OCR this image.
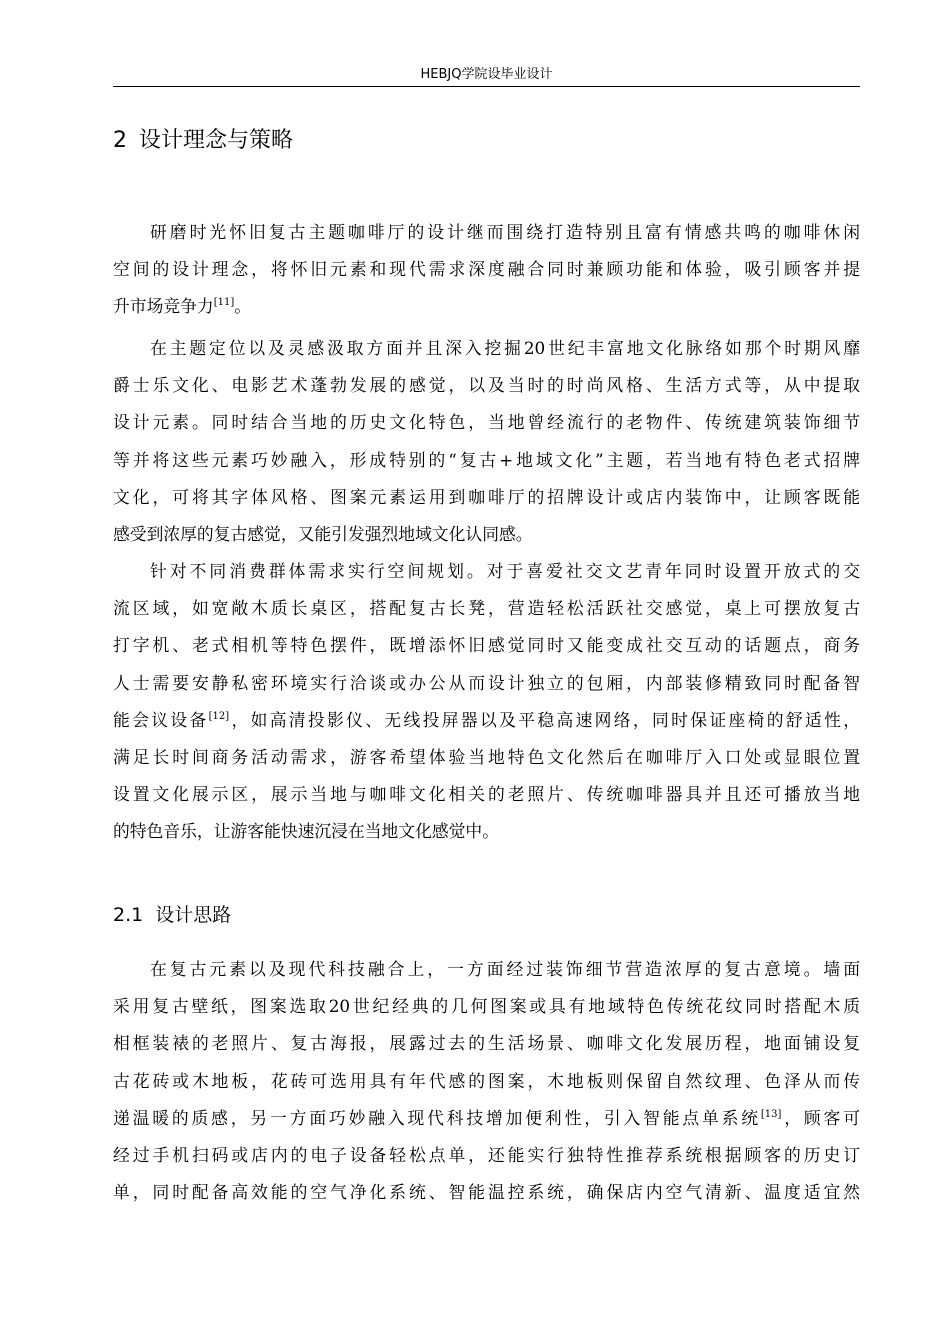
HEBJQ学院设毕业设计
2 设计理念与策略
研磨时光怀旧复古主题咖啡厅的设计继而围绕打造特别且富有情感共鸣的咖啡休闲
空间的设计理念，将怀旧元素和现代需求深度融合同时兼顾功能和体验，吸引顾客并提
升市场竞争力[11]。
在主题定位以及灵感汲取方面并且深入挖掘20世纪丰富地文化脉络如那个时期风靡
爵士乐文化、电影艺术蓬勃发展的感觉，以及当时的时尚风格、生活方式等，从中提取
设计元素。同时结合当地的历史文化特色，当地曾经流行的老物件、传统建筑装饰细节
等并将这些元素巧妙融入，形成特别的“复古+地域文化”主题，若当地有特色老式招牌
文化，可将其字体风格、图案元素运用到咖啡厅的招牌设计或店内装饰中，让顾客既能
感受到浓厚的复古感觉，又能引发强烈地域文化认同感。
针对不同消费群体需求实行空间规划。对于喜爱社交文艺青年同时设置开放式的交
流区域，如宽敞木质长桌区，搭配复古长凳，营造轻松活跃社交感觉，桌上可摆放复古
打字机、老式相机等特色摆件，既增添怀旧感觉同时又能变成社交互动的话题点，商务
人士需要安静私密环境实行洽谈或办公从而设计独立的包厢，内部装修精致同时配备智
能会议设备[12]，如高清投影仪、无线投屏器以及平稳高速网络，同时保证座椅的舒适性，
满足长时间商务活动需求，游客希望体验当地特色文化然后在咖啡厅入口处或显眼位置
设置文化展示区，展示当地与咖啡文化相关的老照片、传统咖啡器具并且还可播放当地
的特色音乐，让游客能快速沉浸在当地文化感觉中。
2.1 设计思路
在复古元素以及现代科技融合上，一方面经过装饰细节营造浓厚的复古意境。墙面
采用复古壁纸，图案选取20世纪经典的几何图案或具有地域特色传统花纹同时搭配木质
相框装裱的老照片、复古海报，展露过去的生活场景、咖啡文化发展历程，地面铺设复
古花砖或木地板，花砖可选用具有年代感的图案，木地板则保留自然纹理、色泽从而传
递温暖的质感，另一方面巧妙融入现代科技增加便利性，引入智能点单系统[13]，顾客可
经过手机扫码或店内的电子设备轻松点单，还能实行独特性推荐系统根据顾客的历史订
单，同时配备高效能的空气净化系统、智能温控系统，确保店内空气清新、温度适宜然
